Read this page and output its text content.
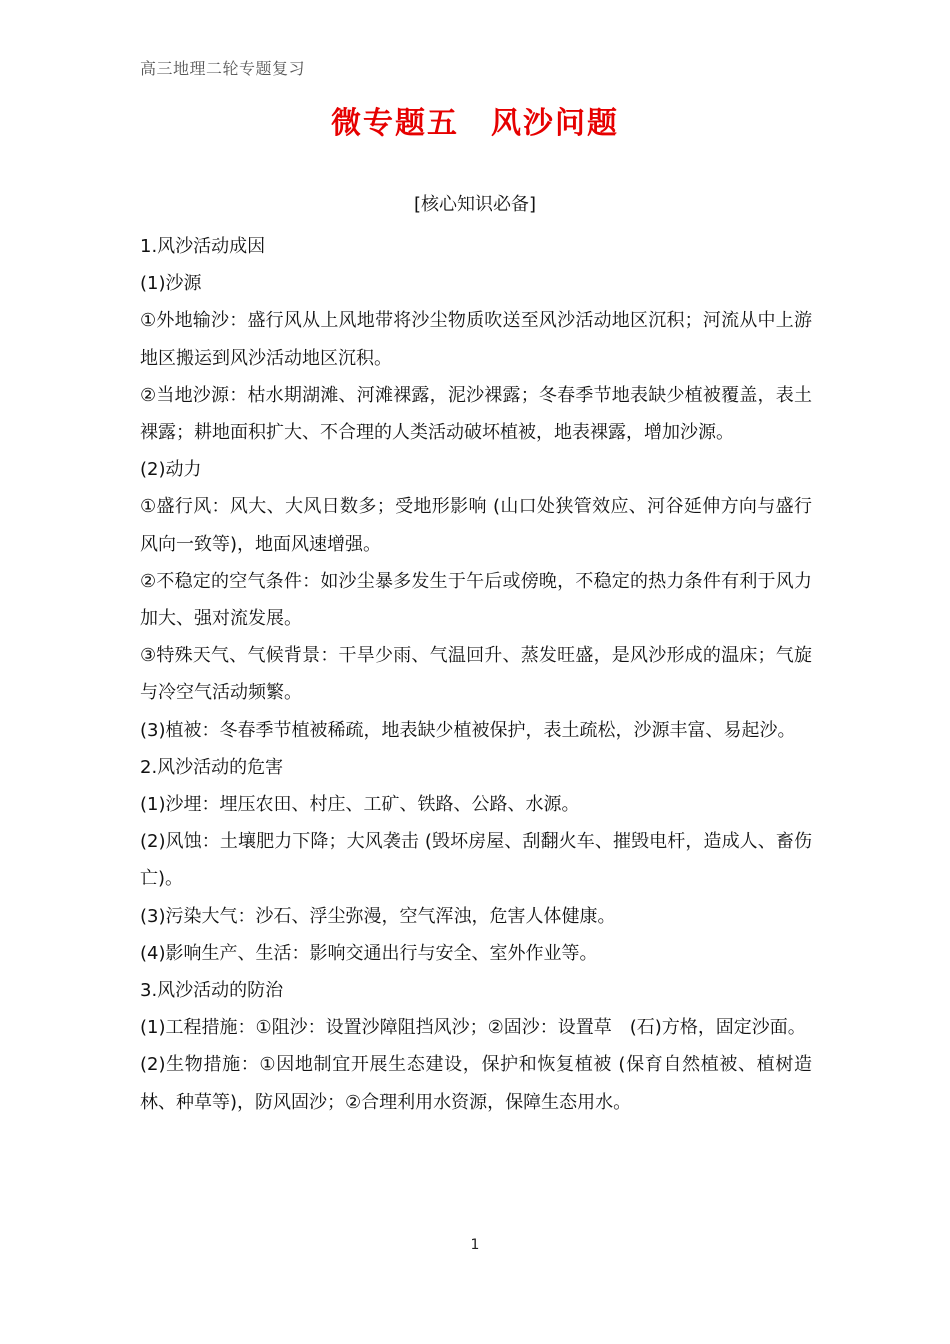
高三地理二轮专题复习
微专题五　风沙问题
[核心知识必备]

1.风沙活动成因

(1)沙源

①外地输沙：盛行风从上风地带将沙尘物质吹送至风沙活动地区沉积；河流从中上游地区搬运到风沙活动地区沉积。

②当地沙源：枯水期湖滩、河滩裸露，泥沙裸露；冬春季节地表缺少植被覆盖，表土裸露；耕地面积扩大、不合理的人类活动破坏植被，地表裸露，增加沙源。

(2)动力

①盛行风：风大、大风日数多；受地形影响 (山口处狭管效应、河谷延伸方向与盛行风向一致等)，地面风速增强。

②不稳定的空气条件：如沙尘暴多发生于午后或傍晚，不稳定的热力条件有利于风力加大、强对流发展。

③特殊天气、气候背景：干旱少雨、气温回升、蒸发旺盛，是风沙形成的温床；气旋与冷空气活动频繁。

(3)植被：冬春季节植被稀疏，地表缺少植被保护，表土疏松，沙源丰富、易起沙。

2.风沙活动的危害

(1)沙埋：埋压农田、村庄、工矿、铁路、公路、水源。

(2)风蚀：土壤肥力下降；大风袭击 (毁坏房屋、刮翻火车、摧毁电杆，造成人、畜伤亡)。

(3)污染大气：沙石、浮尘弥漫，空气浑浊，危害人体健康。

(4)影响生产、生活：影响交通出行与安全、室外作业等。

3.风沙活动的防治

(1)工程措施：①阻沙：设置沙障阻挡风沙；②固沙：设置草　(石)方格，固定沙面。

(2)生物措施：①因地制宜开展生态建设，保护和恢复植被 (保育自然植被、植树造林、种草等)，防风固沙；②合理利用水资源，保障生态用水。

1
